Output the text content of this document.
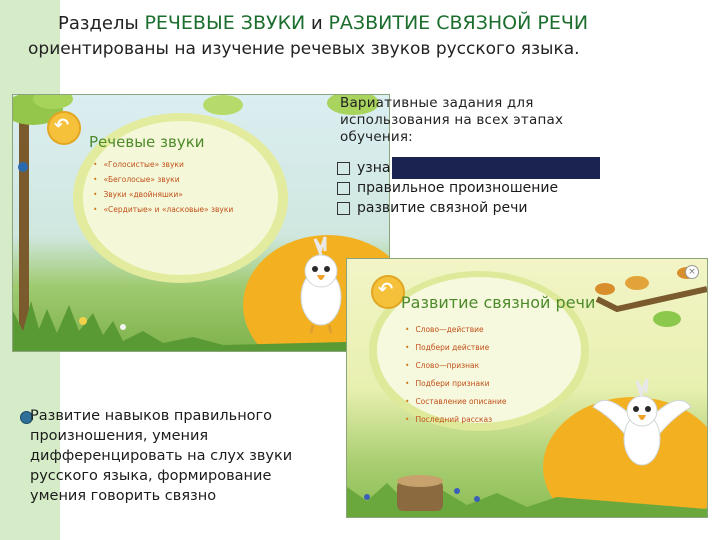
Разделы РЕЧЕВЫЕ ЗВУКИ и РАЗВИТИЕ СВЯЗНОЙ РЕЧИ
ориентированы на изучение речевых звуков русского языка.
↶
Речевые звуки
• «Голосистые» звуки
• «Беголосые» звуки
• Звуки «двойняшки»
• «Сердитые» и «ласковые» звуки
×
↶
Развитие связной речи
• Слово—действие
• Подбери действие
• Слово—признак
• Подбери признаки
• Составление описание
• Последний рассказ
Вариативные задания для использования на всех этапах обучения:
узна
правильное произношение
развитие связной речи
Развитие навыков правильного произношения, умения дифференцировать на слух звуки русского языка, формирование умения говорить связно
